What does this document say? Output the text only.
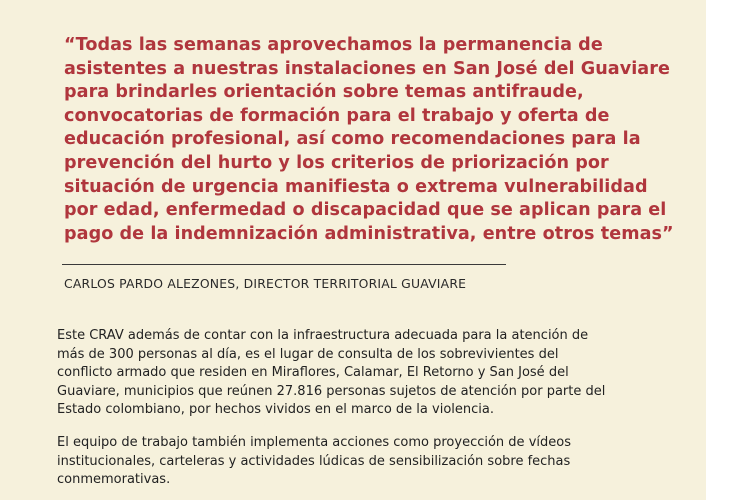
“Todas las semanas aprovechamos la permanencia de
asistentes a nuestras instalaciones en San José del Guaviare
para brindarles orientación sobre temas antifraude,
convocatorias de formación para el trabajo y oferta de
educación profesional, así como recomendaciones para la
prevención del hurto y los criterios de priorización por
situación de urgencia manifiesta o extrema vulnerabilidad
por edad, enfermedad o discapacidad que se aplican para el
pago de la indemnización administrativa, entre otros temas”

CARLOS PARDO ALEZONES, DIRECTOR TERRITORIAL GUAVIARE

Este CRAV además de contar con la infraestructura adecuada para la atención de
más de 300 personas al día, es el lugar de consulta de los sobrevivientes del
conflicto armado que residen en Miraflores, Calamar, El Retorno y San José del
Guaviare, municipios que reúnen 27.816 personas sujetos de atención por parte del
Estado colombiano, por hechos vividos en el marco de la violencia.

El equipo de trabajo también implementa acciones como proyección de vídeos
institucionales, carteleras y actividades lúdicas de sensibilización sobre fechas
conmemorativas.
